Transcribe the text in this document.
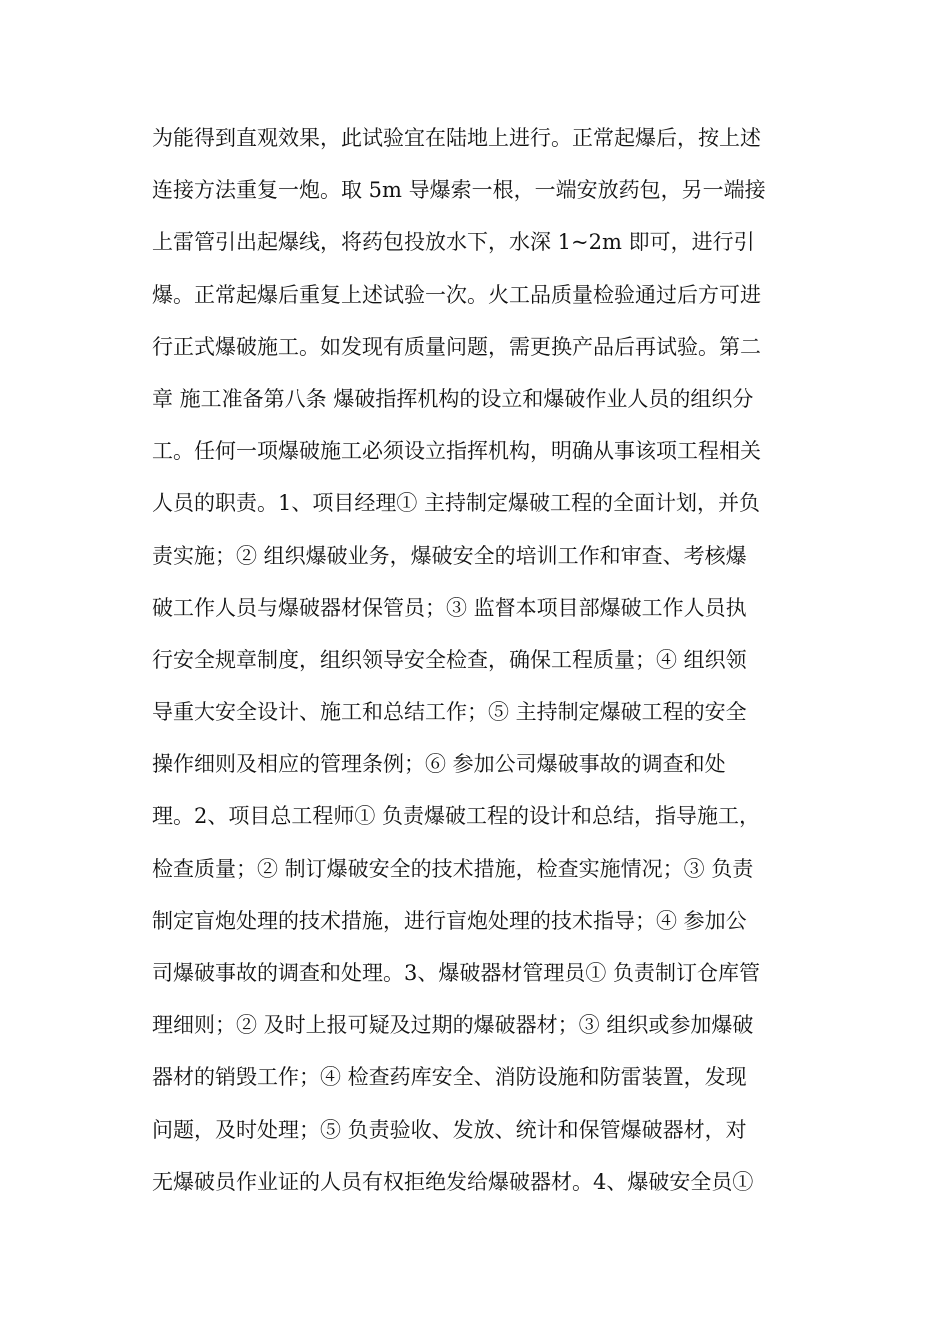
为能得到直观效果，此试验宜在陆地上进行。正常起爆后，按上述
连接方法重复一炮。取 5m 导爆索一根，一端安放药包，另一端接
上雷管引出起爆线，将药包投放水下，水深 1~2m 即可，进行引
爆。正常起爆后重复上述试验一次。火工品质量检验通过后方可进
行正式爆破施工。如发现有质量问题，需更换产品后再试验。第二
章 施工准备第八条 爆破指挥机构的设立和爆破作业人员的组织分
工。任何一项爆破施工必须设立指挥机构，明确从事该项工程相关
人员的职责。1、项目经理① 主持制定爆破工程的全面计划，并负
责实施；② 组织爆破业务，爆破安全的培训工作和审查、考核爆
破工作人员与爆破器材保管员；③ 监督本项目部爆破工作人员执
行安全规章制度，组织领导安全检查，确保工程质量；④ 组织领
导重大安全设计、施工和总结工作；⑤ 主持制定爆破工程的安全
操作细则及相应的管理条例；⑥ 参加公司爆破事故的调查和处
理。2、项目总工程师① 负责爆破工程的设计和总结，指导施工，
检查质量；② 制订爆破安全的技术措施，检查实施情况；③ 负责
制定盲炮处理的技术措施，进行盲炮处理的技术指导；④ 参加公
司爆破事故的调查和处理。3、爆破器材管理员① 负责制订仓库管
理细则；② 及时上报可疑及过期的爆破器材；③ 组织或参加爆破
器材的销毁工作；④ 检查药库安全、消防设施和防雷装置，发现
问题，及时处理；⑤ 负责验收、发放、统计和保管爆破器材，对
无爆破员作业证的人员有权拒绝发给爆破器材。4、爆破安全员①
